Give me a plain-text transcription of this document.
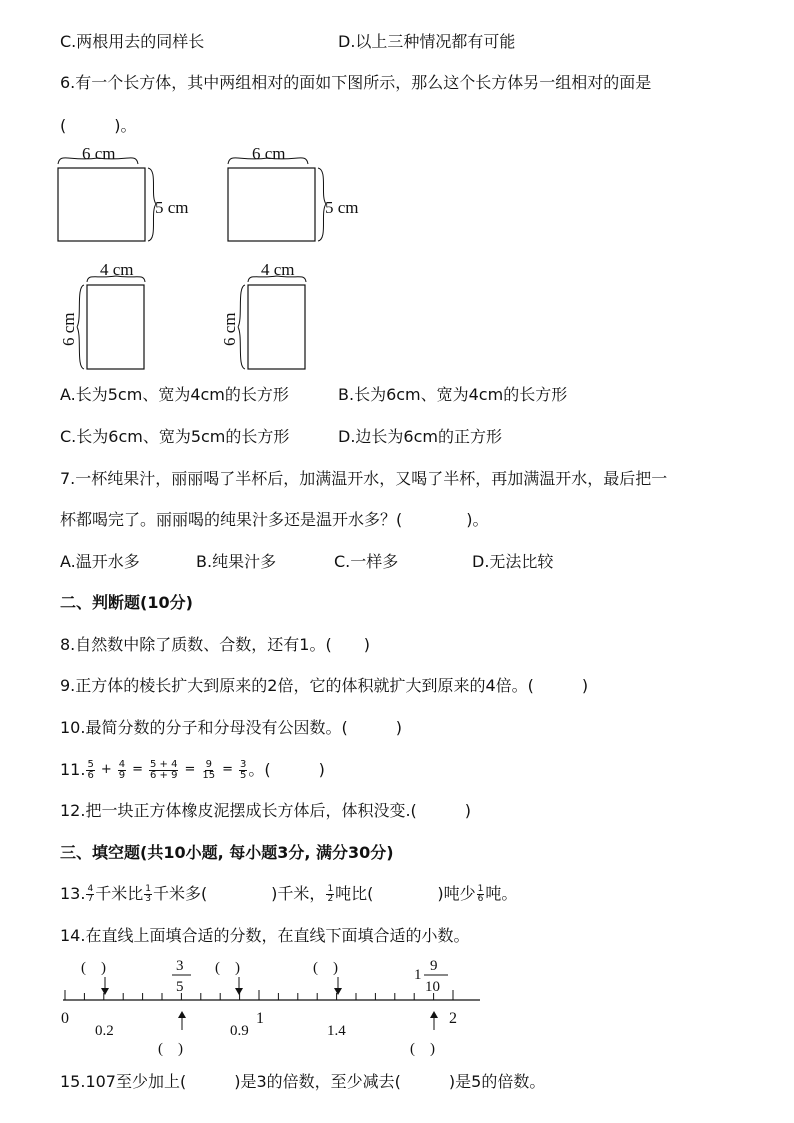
C.两根用去的同样长	D.以上三种情况都有可能
6.有一个长方体，其中两组相对的面如下图所示，那么这个长方体另一组相对的面是
(　　　)。
6 cm
5 cm
6 cm
5 cm
4 cm
6 cm
4 cm
6 cm
A.长为5cm、宽为4cm的长方形	B.长为6cm、宽为4cm的长方形
C.长为6cm、宽为5cm的长方形	D.边长为6cm的正方形
7.一杯纯果汁，丽丽喝了半杯后，加满温开水，又喝了半杯，再加满温开水，最后把一
杯都喝完了。丽丽喝的纯果汁多还是温开水多？(　　　　)。
A.温开水多	B.纯果汁多	C.一样多	D.无法比较
二、判断题(10分)
8.自然数中除了质数、合数，还有1。(　　)
9.正方体的棱长扩大到原来的2倍，它的体积就扩大到原来的4倍。(　　　)
10.最简分数的分子和分母没有公因数。(　　　)
11. $\frac{5}{6} + \frac{4}{9} = \frac{5 + 4}{6 + 9} = \frac{9}{15} = \frac{3}{5}$ 。(　　　)
12.把一块正方体橡皮泥摆成长方体后，体积没变.(　　　)
三、填空题(共10小题, 每小题3分, 满分30分)
13. $\frac{4}{7}$ 千米比 $\frac{1}{3}$ 千米多(　　　　)千米， $\frac{1}{2}$ 吨比(　　　　)吨少 $\frac{1}{6}$ 吨。
14.在直线上面填合适的分数，在直线下面填合适的小数。
0
0.2	0.9
1
1.4
2
(　)	(　)	(　)
3
5
1
9
10
(　)	(　)
15.107至少加上(　　　)是3的倍数，至少减去(　　　)是5的倍数。
